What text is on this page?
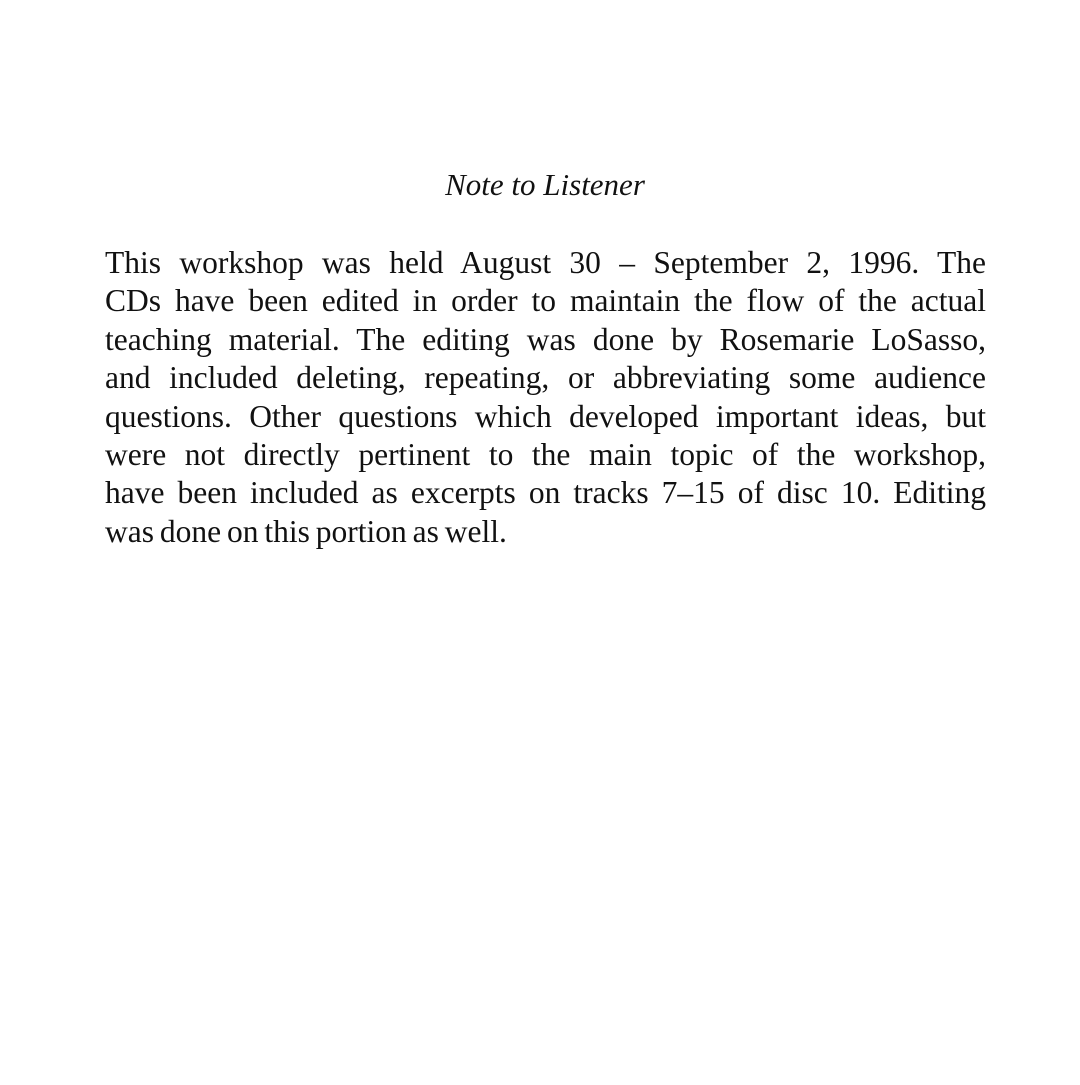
Note to Listener
This workshop was held August 30 – September 2, 1996. The
CDs have been edited in order to maintain the flow of the actual
teaching material. The editing was done by Rosemarie LoSasso,
and included deleting, repeating, or abbreviating some audience
questions. Other questions which developed important ideas, but
were not directly pertinent to the main topic of the workshop,
have been included as excerpts on tracks 7–15 of disc 10. Editing
was done on this portion as well.
